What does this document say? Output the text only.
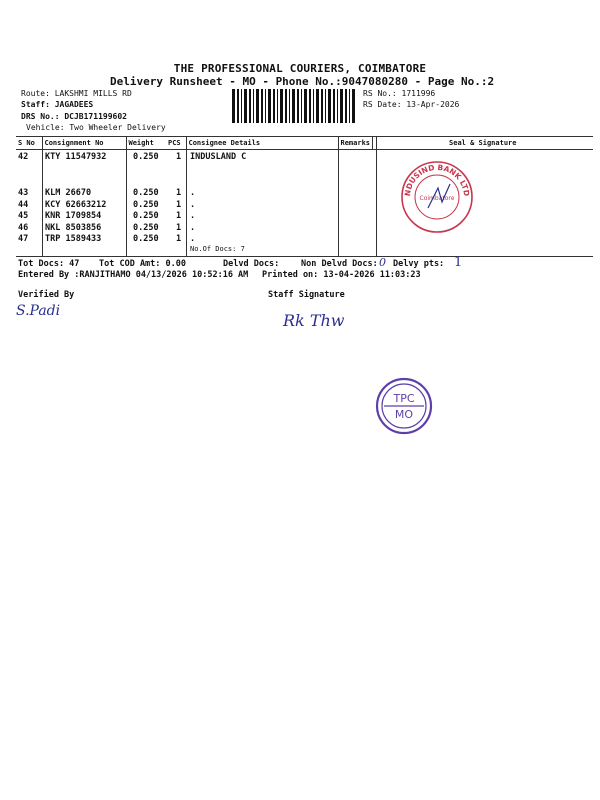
THE PROFESSIONAL COURIERS, COIMBATORE
Delivery Runsheet - MO - Phone No.:9047080280 - Page No.:2
Route: LAKSHMI MILLS RD
Staff: JAGADEES
DRS No.: DCJB171199602
Vehicle: Two Wheeler Delivery
RS No.: 1711996
RS Date: 13-Apr-2026
S No	Consignment No	Weight	PCS	Consignee Details	Remarks	Seal & Signature
42 KTY 11547932	0.250 1 INDUSLAND C
43 KLM 26670	0.250 1 .
44 KCY 62663212	0.250 1 .
45 KNR 1709854	0.250 1 .
46 NKL 8503856	0.250 1 .
47 TRP 1589433	0.250 1 .
No.Of Docs: 7
NDUSIND BANK LTD
Coimbatore
Tot Docs: 47 Tot COD Amt: 0.00	Delvd Docs:	Non Delvd Docs: 0 Delvy pts: 1
Entered By :RANJITHAMO 04/13/2026 10:52:16 AM Printed on: 13-04-2026 11:03:23
Verified By	Staff Signature
S.Padi	Rk Thw
TPC
MO
